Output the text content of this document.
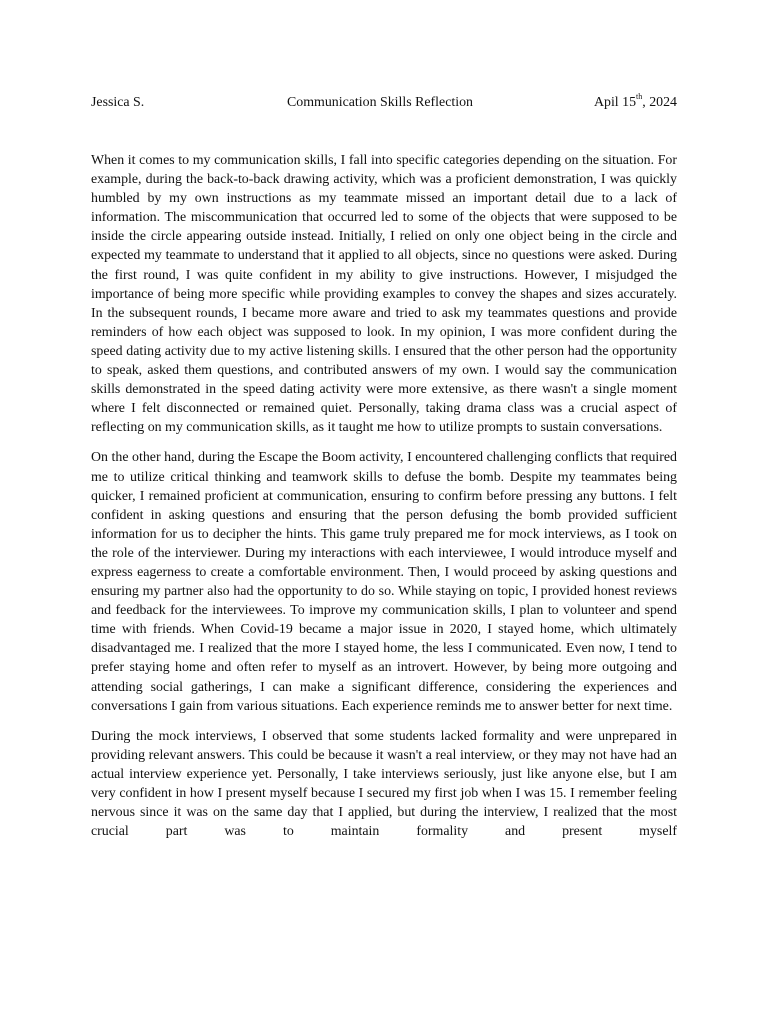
Jessica S.	Communication Skills Reflection	Apil 15th, 2024

When it comes to my communication skills, I fall into specific categories depending on the situation. For example, during the back-to-back drawing activity, which was a proficient demonstration, I was quickly humbled by my own instructions as my teammate missed an important detail due to a lack of information. The miscommunication that occurred led to some of the objects that were supposed to be inside the circle appearing outside instead. Initially, I relied on only one object being in the circle and expected my teammate to understand that it applied to all objects, since no questions were asked. During the first round, I was quite confident in my ability to give instructions. However, I misjudged the importance of being more specific while providing examples to convey the shapes and sizes accurately. In the subsequent rounds, I became more aware and tried to ask my teammates questions and provide reminders of how each object was supposed to look. In my opinion, I was more confident during the speed dating activity due to my active listening skills. I ensured that the other person had the opportunity to speak, asked them questions, and contributed answers of my own. I would say the communication skills demonstrated in the speed dating activity were more extensive, as there wasn't a single moment where I felt disconnected or remained quiet. Personally, taking drama class was a crucial aspect of reflecting on my communication skills, as it taught me how to utilize prompts to sustain conversations.

On the other hand, during the Escape the Boom activity, I encountered challenging conflicts that required me to utilize critical thinking and teamwork skills to defuse the bomb. Despite my teammates being quicker, I remained proficient at communication, ensuring to confirm before pressing any buttons. I felt confident in asking questions and ensuring that the person defusing the bomb provided sufficient information for us to decipher the hints. This game truly prepared me for mock interviews, as I took on the role of the interviewer. During my interactions with each interviewee, I would introduce myself and express eagerness to create a comfortable environment. Then, I would proceed by asking questions and ensuring my partner also had the opportunity to do so. While staying on topic, I provided honest reviews and feedback for the interviewees. To improve my communication skills, I plan to volunteer and spend time with friends. When Covid-19 became a major issue in 2020, I stayed home, which ultimately disadvantaged me. I realized that the more I stayed home, the less I communicated. Even now, I tend to prefer staying home and often refer to myself as an introvert. However, by being more outgoing and attending social gatherings, I can make a significant difference, considering the experiences and conversations I gain from various situations. Each experience reminds me to answer better for next time.

During the mock interviews, I observed that some students lacked formality and were unprepared in providing relevant answers. This could be because it wasn't a real interview, or they may not have had an actual interview experience yet. Personally, I take interviews seriously, just like anyone else, but I am very confident in how I present myself because I secured my first job when I was 15. I remember feeling nervous since it was on the same day that I applied, but during the interview, I realized that the most crucial part was to maintain formality and present myself
